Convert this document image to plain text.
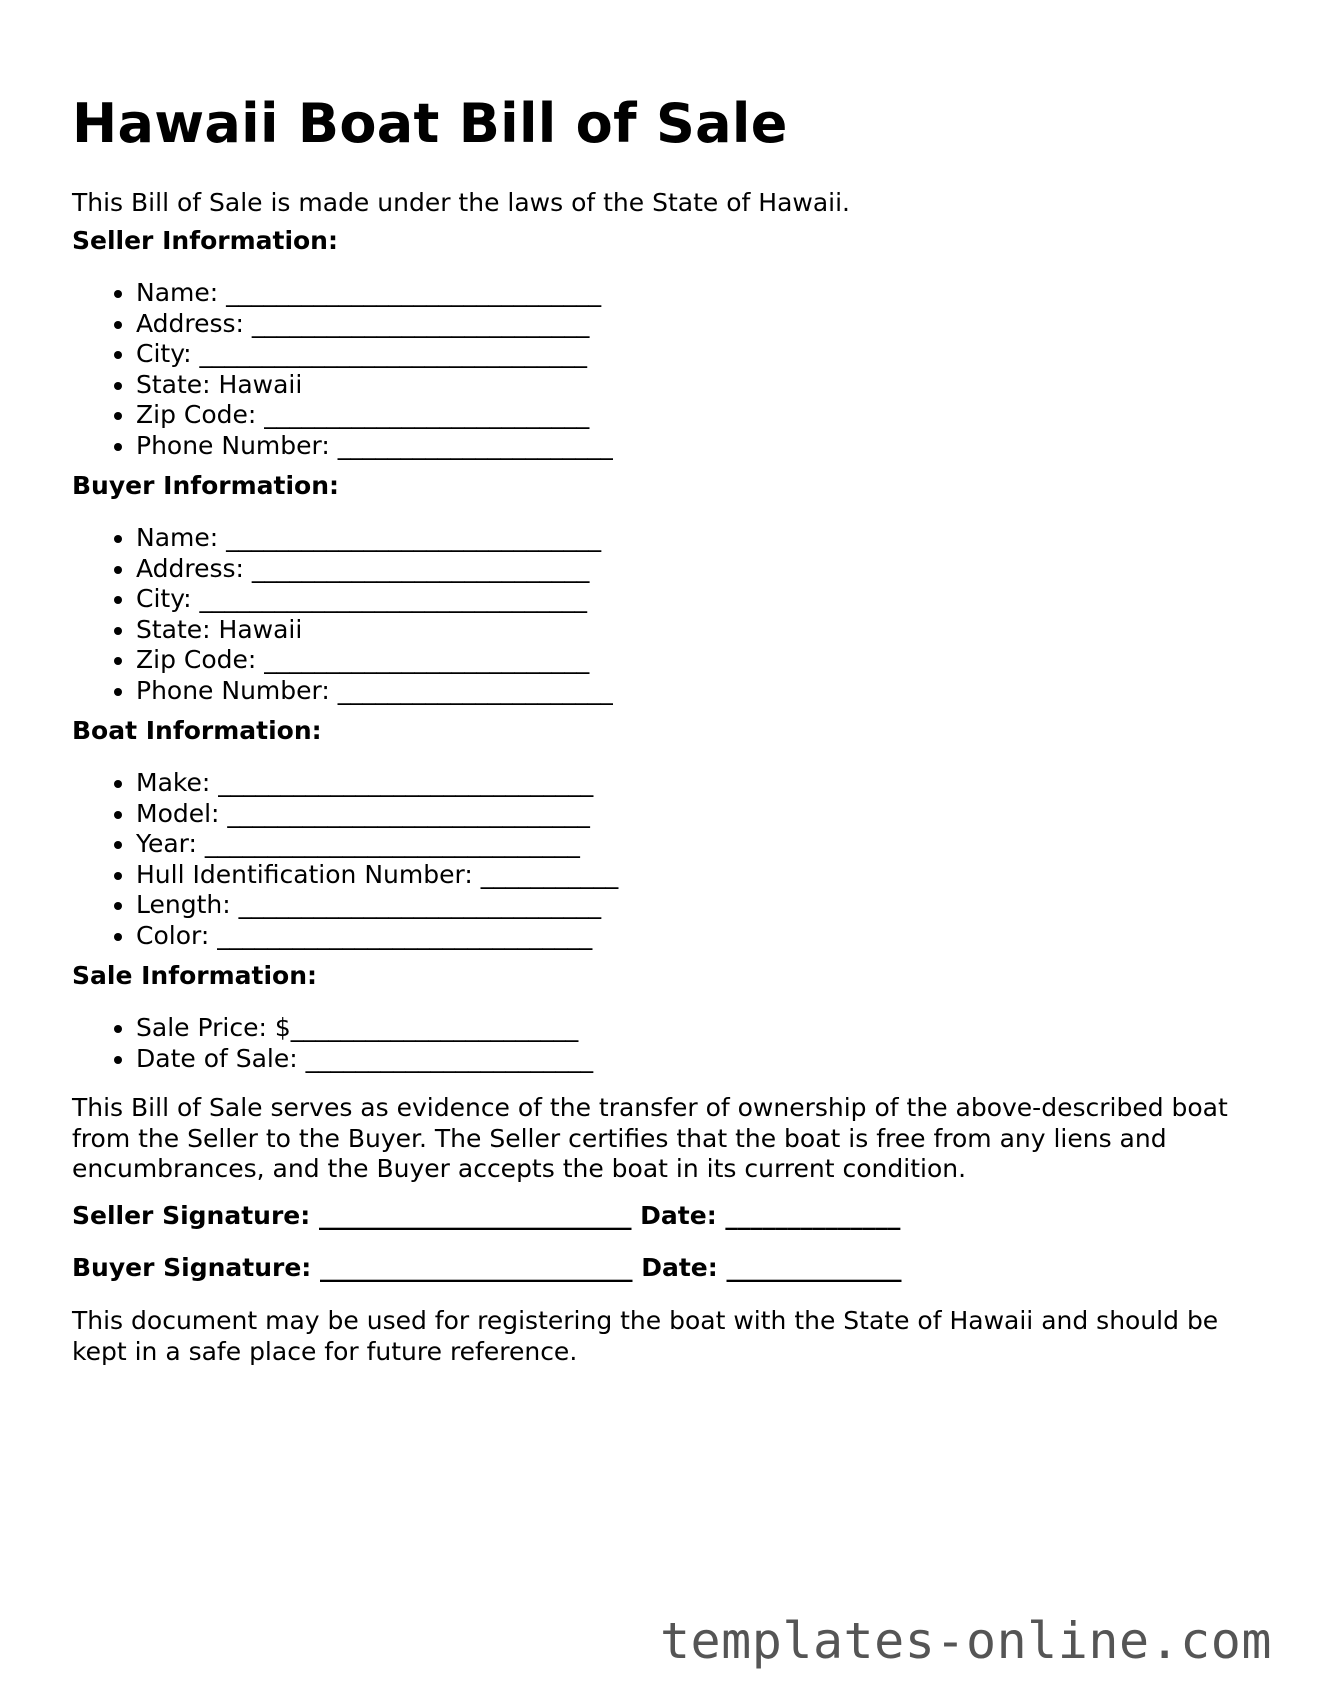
Hawaii Boat Bill of Sale

This Bill of Sale is made under the laws of the State of Hawaii.

Seller Information:

• Name: ______________________________
• Address: ___________________________
• City: _______________________________
• State: Hawaii
• Zip Code: __________________________
• Phone Number: ______________________

Buyer Information:

• Name: ______________________________
• Address: ___________________________
• City: _______________________________
• State: Hawaii
• Zip Code: __________________________
• Phone Number: ______________________

Boat Information:

• Make: ______________________________
• Model: _____________________________
• Year: ______________________________
• Hull Identification Number: ___________
• Length: _____________________________
• Color: ______________________________

Sale Information:

• Sale Price: $_______________________
• Date of Sale: _______________________

This Bill of Sale serves as evidence of the transfer of ownership of the above-described boat from the Seller to the Buyer. The Seller certifies that the boat is free from any liens and encumbrances, and the Buyer accepts the boat in its current condition.

Seller Signature: _________________________ Date: ______________

Buyer Signature: _________________________ Date: ______________

This document may be used for registering the boat with the State of Hawaii and should be kept in a safe place for future reference.

templates-online.com
